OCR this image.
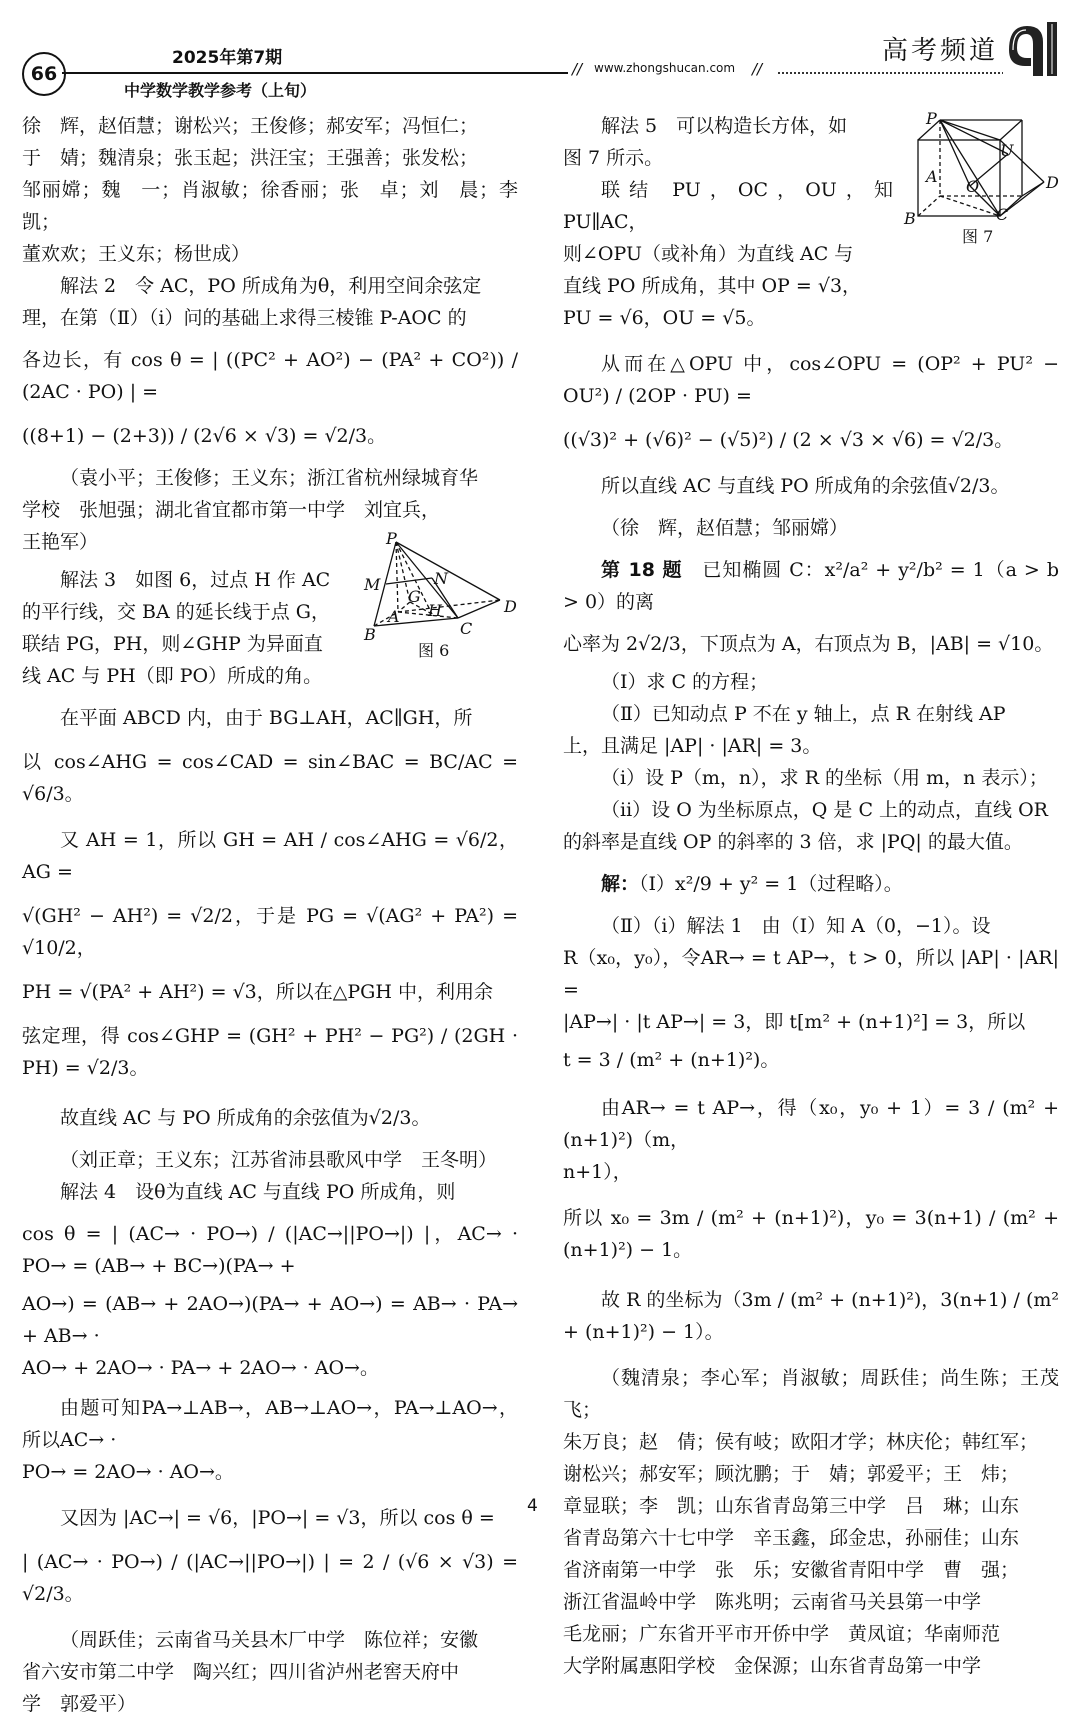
66
2025年第7期
中学数学教学参考（上旬）
// www.zhongshucan.com //
高考频道

徐　辉，赵佰慧；谢松兴；王俊修；郝安军；冯恒仁；

于　婧；魏清泉；张玉起；洪汪宝；王强善；张发松；

邹丽嫦；魏　一；肖淑敏；徐香丽；张　卓；刘　晨；李　凯；

董欢欢；王义东；杨世成）

解法 2　令 AC，PO 所成角为θ，利用空间余弦定

理，在第（Ⅱ）（ⅰ）问的基础上求得三棱锥 P-AOC 的

各边长，有 cos θ = | ((PC² + AO²) − (PA² + CO²)) / (2AC · PO) | =

((8+1) − (2+3)) / (2√6 × √3) = √2/3。

（袁小平；王俊修；王义东；浙江省杭州绿城育华

学校　张旭强；湖北省宜都市第一中学　刘宜兵，

王艳军）

解法 3　如图 6，过点 H 作 AC

的平行线，交 BA 的延长线于点 G，

联结 PG，PH，则∠GHP 为异面直

线 AC 与 PH（即 PO）所成的角。

在平面 ABCD 内，由于 BG⊥AH，AC∥GH，所

以 cos∠AHG = cos∠CAD = sin∠BAC = BC/AC = √6/3。

又 AH = 1，所以 GH = AH / cos∠AHG = √6/2，AG =

√(GH² − AH²) = √2/2，于是 PG = √(AG² + PA²) = √10/2，

PH = √(PA² + AH²) = √3，所以在△PGH 中，利用余

弦定理，得 cos∠GHP = (GH² + PH² − PG²) / (2GH · PH) = √2/3。

故直线 AC 与 PO 所成角的余弦值为√2/3。

（刘正章；王义东；江苏省沛县歌风中学　王冬明）

解法 4　设θ为直线 AC 与直线 PO 所成角，则

cos θ = | (AC→ · PO→) / (|AC→||PO→|) |，AC→ · PO→ = (AB→ + BC→)(PA→ +

AO→) = (AB→ + 2AO→)(PA→ + AO→) = AB→ · PA→ + AB→ ·

AO→ + 2AO→ · PA→ + 2AO→ · AO→。

由题可知PA→⊥AB→，AB→⊥AO→，PA→⊥AO→，所以AC→ ·

PO→ = 2AO→ · AO→。

又因为 |AC→| = √6，|PO→| = √3，所以 cos θ =

| (AC→ · PO→) / (|AC→||PO→|) | = 2 / (√6 × √3) = √2/3。

（周跃佳；云南省马关县木厂中学　陈位祥；安徽

省六安市第二中学　陶兴红；四川省泸州老窖天府中

学　郭爱平）

P
M	N
G
A H
B	C
D
图 6

解法 5　可以构造长方体，如

图 7 所示。

联结 PU，OC，OU，知 PU∥AC，

则∠OPU（或补角）为直线 AC 与

直线 PO 所成角，其中 OP = √3，

PU = √6，OU = √5。

从而在△OPU 中，cos∠OPU = (OP² + PU² − OU²) / (2OP · PU) =

((√3)² + (√6)² − (√5)²) / (2 × √3 × √6) = √2/3。

所以直线 AC 与直线 PO 所成角的余弦值√2/3。

（徐　辉，赵佰慧；邹丽嫦）

第 18 题　 已知椭圆 C：x²/a² + y²/b² = 1（a > b > 0）的离

心率为 2√2/3，下顶点为 A，右顶点为 B，|AB| = √10。

（Ⅰ）求 C 的方程；

（Ⅱ）已知动点 P 不在 y 轴上，点 R 在射线 AP

上，且满足 |AP| · |AR| = 3。

（ⅰ）设 P（m，n），求 R 的坐标（用 m，n 表示）；

（ⅱ）设 O 为坐标原点，Q 是 C 上的动点，直线 OR

的斜率是直线 OP 的斜率的 3 倍，求 |PQ| 的最大值。

解：（Ⅰ）x²/9 + y² = 1（过程略）。

（Ⅱ）（ⅰ）解法 1　由（Ⅰ）知 A（0，−1）。设

R（x₀，y₀），令AR→ = t AP→，t > 0，所以 |AP| · |AR| =

|AP→| · |t AP→| = 3，即 t[m² + (n+1)²] = 3，所以

t = 3 / (m² + (n+1)²)。

由AR→ = t AP→，得（x₀，y₀ + 1）= 3 / (m² + (n+1)²)（m，

n+1），

所以 x₀ = 3m / (m² + (n+1)²)，y₀ = 3(n+1) / (m² + (n+1)²) − 1。

故 R 的坐标为（3m / (m² + (n+1)²)，3(n+1) / (m² + (n+1)²) − 1）。

（魏清泉；李心军；肖淑敏；周跃佳；尚生陈；王茂飞；

朱万良；赵　倩；侯有岐；欧阳才学；林庆伦；韩红军；

谢松兴；郝安军；顾沈鹏；于　婧；郭爱平；王　炜；

章显联；李　凯；山东省青岛第三中学　吕　琳；山东

省青岛第六十七中学　辛玉鑫，邱金忠，孙丽佳；山东

省济南第一中学　张　乐；安徽省青阳中学　曹　强；

浙江省温岭中学　陈兆明；云南省马关县第一中学

毛龙丽；广东省开平市开侨中学　黄凤谊；华南师范

大学附属惠阳学校　金保源；山东省青岛第一中学

P
U
A
O
B	C
D
图 7
4
